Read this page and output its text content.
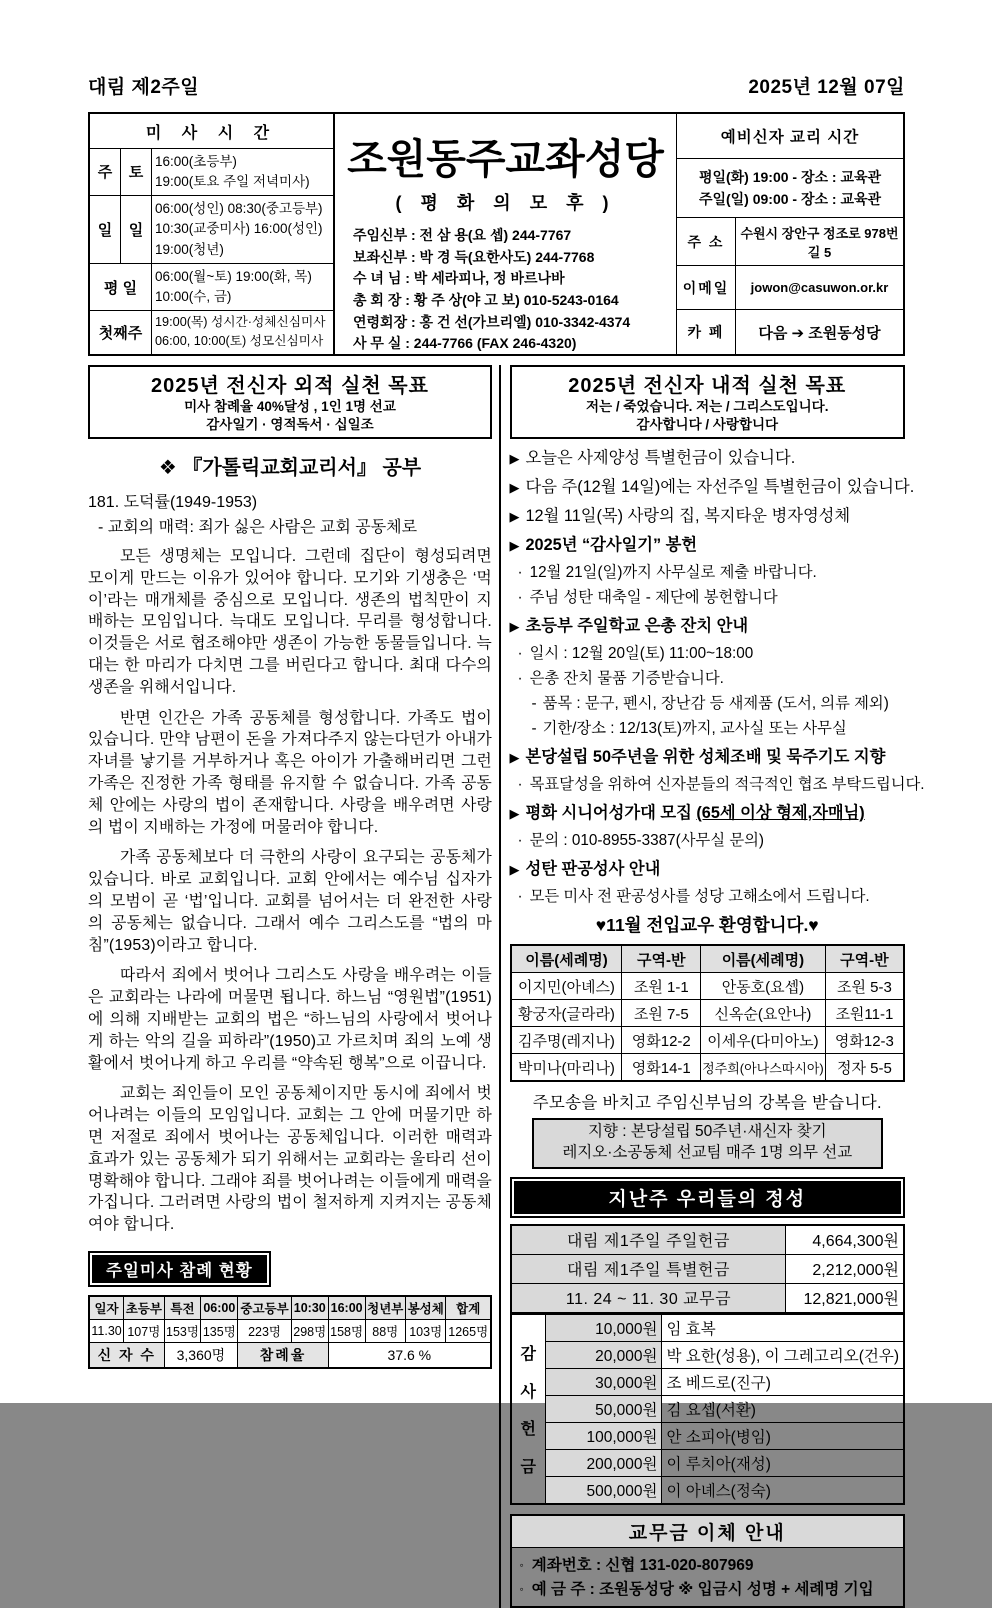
대림 제2주일	2025년 12월 07일
미 사 시 간		
주	토	16:00(초등부)
19:00(토요 주일 저녁미사)

일	일	06:00(성인) 08:30(중고등부)
10:30(교중미사) 16:00(성인)
19:00(청년)

평 일		06:00(월~토) 19:00(화, 목)
10:00(수, 금)

첫째주		19:00(목) 성시간·성체신심미사
06:00, 10:00(토) 성모신심미사
조원동주교좌성당
( 평 화 의 모 후 )
주임신부 : 전 삼 용(요 셉) 244-7767
보좌신부 : 박 경 득(요한사도) 244-7768
수 녀 님 : 박 세라피나, 정 바르나바
총 회 장 : 황 주 상(야 고 보) 010-5243-0164
연령회장 : 홍 건 선(가브리엘) 010-3342-4374
사 무 실 : 244-7766 (FAX 246-4320)
예비신자 교리 시간	

평일(화) 19:00 - 장소 : 교육관
주일(일) 09:00 - 장소 : 교육관	

주 소	수원시 장안구 정조로 978번길 5
이메일	jowon@casuwon.or.kr
카 페	다음 ➔ 조원동성당
2025년 전신자 외적 실천 목표
미사 참례율 40%달성 , 1인 1명 선교
감사일기 · 영적독서 · 십일조
❖ 『가톨릭교회교리서』 공부
181. 도덕률(1949-1953)
- 교회의 매력: 죄가 싫은 사람은 교회 공동체로
모든 생명체는 모입니다. 그런데 집단이 형성되려면 모이게 만드는 이유가 있어야 합니다. 모기와 기생충은 ‘먹이’라는 매개체를 중심으로 모입니다. 생존의 법칙만이 지배하는 모임입니다. 늑대도 모입니다. 무리를 형성합니다. 이것들은 서로 협조해야만 생존이 가능한 동물들입니다. 늑대는 한 마리가 다치면 그를 버린다고 합니다. 최대 다수의 생존을 위해서입니다.
반면 인간은 가족 공동체를 형성합니다. 가족도 법이 있습니다. 만약 남편이 돈을 가져다주지 않는다던가 아내가 자녀를 낳기를 거부하거나 혹은 아이가 가출해버리면 그런 가족은 진정한 가족 형태를 유지할 수 없습니다. 가족 공동체 안에는 사랑의 법이 존재합니다. 사랑을 배우려면 사랑의 법이 지배하는 가정에 머물러야 합니다.
가족 공동체보다 더 극한의 사랑이 요구되는 공동체가 있습니다. 바로 교회입니다. 교회 안에서는 예수님 십자가의 모범이 곧 ‘법’입니다. 교회를 넘어서는 더 완전한 사랑의 공동체는 없습니다. 그래서 예수 그리스도를 “법의 마침”(1953)이라고 합니다.
따라서 죄에서 벗어나 그리스도 사랑을 배우려는 이들은 교회라는 나라에 머물면 됩니다. 하느님 “영원법”(1951)에 의해 지배받는 교회의 법은 “하느님의 사랑에서 벗어나게 하는 악의 길을 피하라”(1950)고 가르치며 죄의 노예 생활에서 벗어나게 하고 우리를 “약속된 행복”으로 이끕니다.
교회는 죄인들이 모인 공동체이지만 동시에 죄에서 벗어나려는 이들의 모임입니다. 교회는 그 안에 머물기만 하면 저절로 죄에서 벗어나는 공동체입니다. 이러한 매력과 효과가 있는 공동체가 되기 위해서는 교회라는 울타리 선이 명확해야 합니다. 그래야 죄를 벗어나려는 이들에게 매력을 가집니다. 그러려면 사랑의 법이 철저하게 지켜지는 공동체여야 합니다.
주일미사 참례 현황
일자	초등부	특전	06:00	중고등부	10:30	16:00	청년부	봉성체	합계
11.30	107명	153명	135명	223명	298명	158명	88명	103명	1265명
신 자 수		3,360명		참례율		37.6 %			
2025년 전신자 내적 실천 목표
저는 / 죽었습니다. 저는 / 그리스도입니다.
감사합니다 / 사랑합니다
▶ 오늘은 사제양성 특별헌금이 있습니다.
▶ 다음 주(12월 14일)에는 자선주일 특별헌금이 있습니다.
▶ 12월 11일(목) 사랑의 집, 복지타운 병자영성체
▶ 2025년 “감사일기” 봉헌
· 12월 21일(일)까지 사무실로 제출 바랍니다.
· 주님 성탄 대축일 - 제단에 봉헌합니다
▶ 초등부 주일학교 은총 잔치 안내
· 일시 : 12월 20일(토) 11:00~18:00
· 은총 잔치 물품 기증받습니다.
- 품목 : 문구, 펜시, 장난감 등 새제품 (도서, 의류 제외)
- 기한/장소 : 12/13(토)까지, 교사실 또는 사무실
▶ 본당설립 50주년을 위한 성체조배 및 묵주기도 지향
· 목표달성을 위하여 신자분들의 적극적인 협조 부탁드립니다.
▶ 평화 시니어성가대 모집 (65세 이상 형제,자매님)
· 문의 : 010-8955-3387(사무실 문의)
▶ 성탄 판공성사 안내
· 모든 미사 전 판공성사를 성당 고해소에서 드립니다.
♥11월 전입교우 환영합니다.♥
이름(세례명)	구역-반	이름(세례명)	구역-반
이지민(아녜스)	조원 1-1	안동호(요셉)	조원 5-3
황궁자(글라라)	조원 7-5	신옥순(요안나)	조원11-1
김주명(레지나)	영화12-2	이세우(다미아노)	영화12-3
박미나(마리나)	영화14-1	정주희(아나스따시아)	정자 5-5
주모송을 바치고 주임신부님의 강복을 받습니다.
지향 : 본당설립 50주년·새신자 찾기
레지오·소공동체 선교팀 매주 1명 의무 선교
지난주 우리들의 정성
대림 제1주일 주일헌금	4,664,300원
대림 제1주일 특별헌금	2,212,000원
11. 24 ~ 11. 30 교무금	12,821,000원
감
사
헌
금	10,000원	임 효복
	20,000원	박 요한(성용), 이 그레고리오(건우)
	30,000원	조 베드로(진구)
	50,000원	김 요셉(서환)
	100,000원	안 소피아(병임)
	200,000원	이 루치아(재성)
	500,000원	이 아녜스(정숙)
교무금 이체 안내
◦ 계좌번호 : 신협 131-020-807969
◦ 예 금 주 : 조원동성당 ※ 입금시 성명 + 세례명 기입
